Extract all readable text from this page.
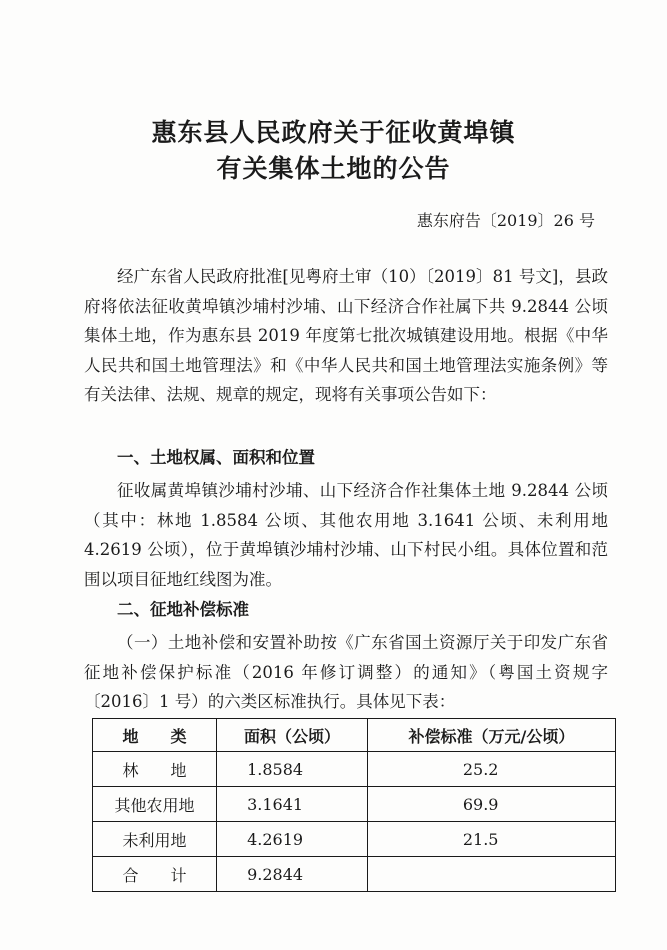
惠东县人民政府关于征收黄埠镇
有关集体土地的公告
惠东府告〔2019〕26 号
经广东省人民政府批准[见粤府土审（10）〔2019〕81 号文]，县政府将依法征收黄埠镇沙埔村沙埔、山下经济合作社属下共 9.2844 公顷集体土地，作为惠东县 2019 年度第七批次城镇建设用地。根据《中华人民共和国土地管理法》和《中华人民共和国土地管理法实施条例》等有关法律、法规、规章的规定，现将有关事项公告如下：
一、土地权属、面积和位置
征收属黄埠镇沙埔村沙埔、山下经济合作社集体土地 9.2844 公顷（其中：林地 1.8584 公顷、其他农用地 3.1641 公顷、未利用地 4.2619 公顷），位于黄埠镇沙埔村沙埔、山下村民小组。具体位置和范围以项目征地红线图为准。
二、征地补偿标准
（一）土地补偿和安置补助按《广东省国土资源厅关于印发广东省征地补偿保护标准（2016 年修订调整）的通知》（粤国土资规字〔2016〕1 号）的六类区标准执行。具体见下表：
地　　类	面积（公顷）	补偿标准（万元/公顷）
林　　地	1.8584	25.2
其他农用地	3.1641	69.9
未利用地	4.2619	21.5
合　　计	9.2844	
